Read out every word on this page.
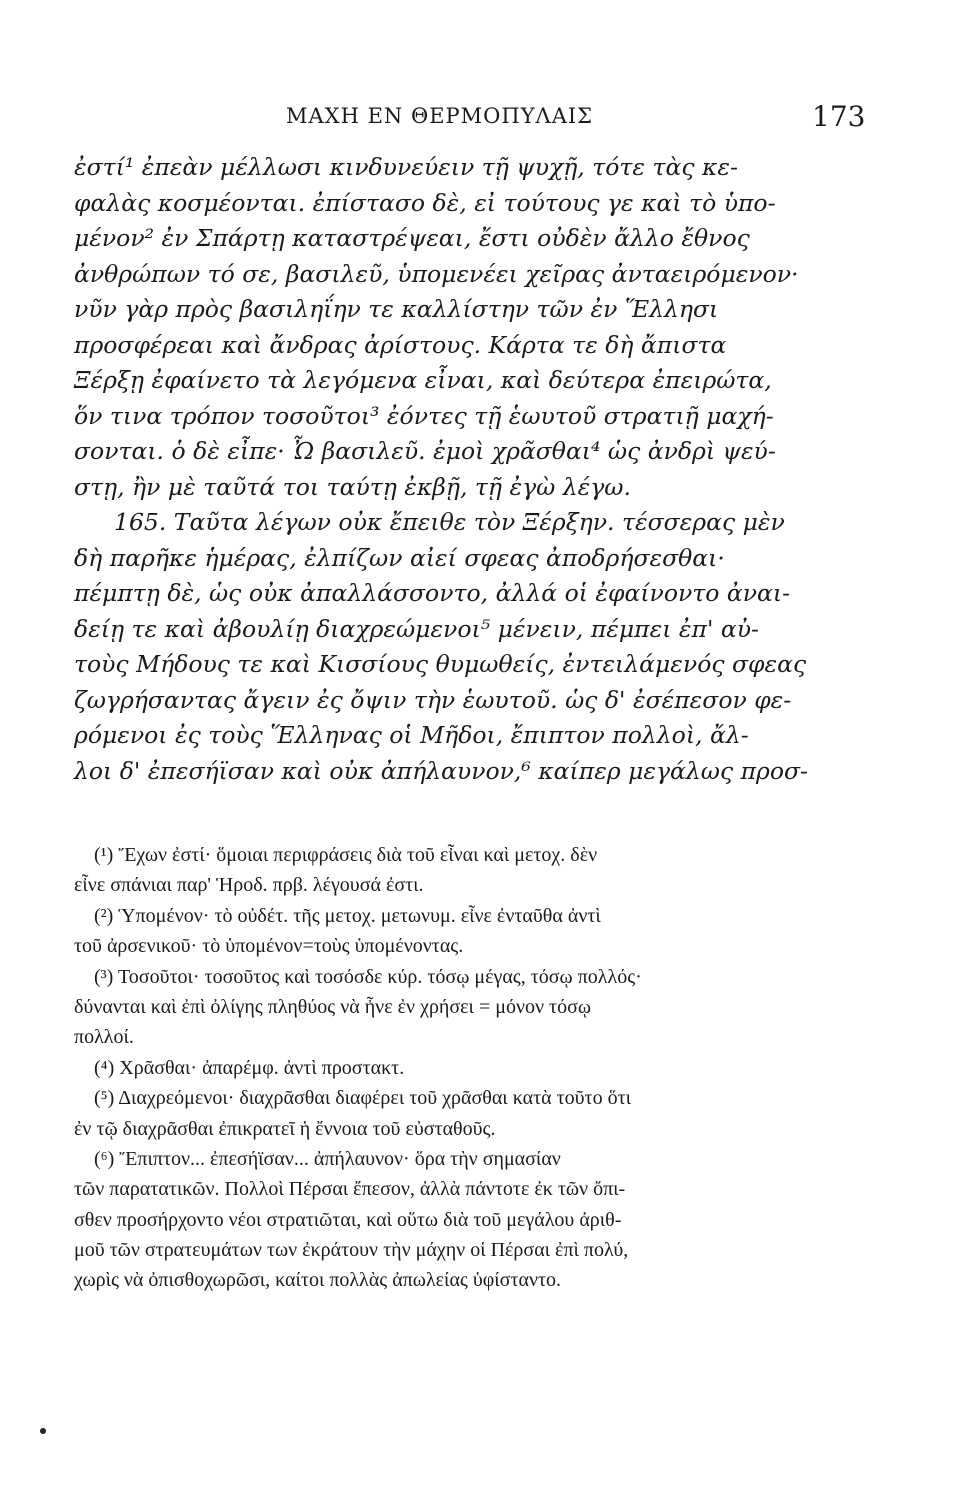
ΜΑΧΗ ΕΝ ΘΕΡΜΟΠΥΛΑΙΣ	173
ἐστί¹ ἐπεὰν μέλλωσι κινδυνεύειν τῇ ψυχῇ, τότε τὰς κε-
φαλὰς κοσμέονται. ἐπίστασο δὲ, εἰ τούτους γε καὶ τὸ ὑπο-
μένον² ἐν Σπάρτῃ καταστρέψεαι, ἔστι οὐδὲν ἄλλο ἔθνος
ἀνθρώπων τό σε, βασιλεῦ, ὑπομενέει χεῖρας ἀνταειρόμενον·
νῦν γὰρ πρὸς βασιληΐην τε καλλίστην τῶν ἐν Ἕλλησι
προσφέρεαι καὶ ἄνδρας ἀρίστους. Κάρτα τε δὴ ἄπιστα
Ξέρξῃ ἐφαίνετο τὰ λεγόμενα εἶναι, καὶ δεύτερα ἐπειρώτα,
ὅν τινα τρόπον τοσοῦτοι³ ἐόντες τῇ ἑωυτοῦ στρατιῇ μαχή-
σονται. ὁ δὲ εἶπε· Ὦ βασιλεῦ. ἐμοὶ χρᾶσθαι⁴ ὡς ἀνδρὶ ψεύ-
στῃ, ἢν μὲ ταῦτά τοι ταύτῃ ἐκβῇ, τῇ ἐγὼ λέγω.
165. Ταῦτα λέγων οὐκ ἔπειθε τὸν Ξέρξην. τέσσερας μὲν
δὴ παρῆκε ἡμέρας, ἐλπίζων αἰεί σφεας ἀποδρήσεσθαι·
πέμπτῃ δὲ, ὡς οὐκ ἀπαλλάσσοντο, ἀλλά οἱ ἐφαίνοντο ἀναι-
δείῃ τε καὶ ἀβουλίῃ διαχρεώμενοι⁵ μένειν, πέμπει ἐπ' αὐ-
τοὺς Μήδους τε καὶ Κισσίους θυμωθείς, ἐντειλάμενός σφεας
ζωγρήσαντας ἄγειν ἐς ὄψιν τὴν ἑωυτοῦ. ὡς δ' ἐσέπεσον φε-
ρόμενοι ἐς τοὺς Ἕλληνας οἱ Μῆδοι, ἔπιπτον πολλοὶ, ἄλ-
λοι δ' ἐπεσήϊσαν καὶ οὐκ ἀπήλαυνον,⁶ καίπερ μεγάλως προσ-
(¹) Ἔχων ἐστί· ὅμοιαι περιφράσεις διὰ τοῦ εἶναι καὶ μετοχ. δὲν
εἶνε σπάνιαι παρ' Ἡροδ. πρβ. λέγουσά ἐστι.
(²) Ὑπομένον· τὸ οὐδέτ. τῆς μετοχ. μετωνυμ. εἶνε ἐνταῦθα ἀντὶ
τοῦ ἀρσενικοῦ· τὸ ὑπομένον=τοὺς ὑπομένοντας.
(³) Τοσοῦτοι· τοσοῦτος καὶ τοσόσδε κύρ. τόσῳ μέγας, τόσῳ πολλός·
δύνανται καὶ ἐπὶ ὀλίγης πληθύος νὰ ἦνε ἐν χρήσει = μόνον τόσῳ
πολλοί.
(⁴) Χρᾶσθαι· ἀπαρέμφ. ἀντὶ προστακτ.
(⁵) Διαχρεόμενοι· διαχρᾶσθαι διαφέρει τοῦ χρᾶσθαι κατὰ τοῦτο ὅτι
ἐν τῷ διαχρᾶσθαι ἐπικρατεῖ ἡ ἔννοια τοῦ εὐσταθοῦς.
(⁶) Ἔπιπτον... ἐπεσήϊσαν... ἀπήλαυνον· ὅρα τὴν σημασίαν
τῶν παρατατικῶν. Πολλοὶ Πέρσαι ἔπεσον, ἀλλὰ πάντοτε ἐκ τῶν ὄπι-
σθεν προσήρχοντο νέοι στρατιῶται, καὶ οὕτω διὰ τοῦ μεγάλου ἀριθ-
μοῦ τῶν στρατευμάτων των ἐκράτουν τὴν μάχην οἱ Πέρσαι ἐπὶ πολύ,
χωρὶς νὰ ὀπισθοχωρῶσι, καίτοι πολλὰς ἀπωλείας ὑφίσταντο.
